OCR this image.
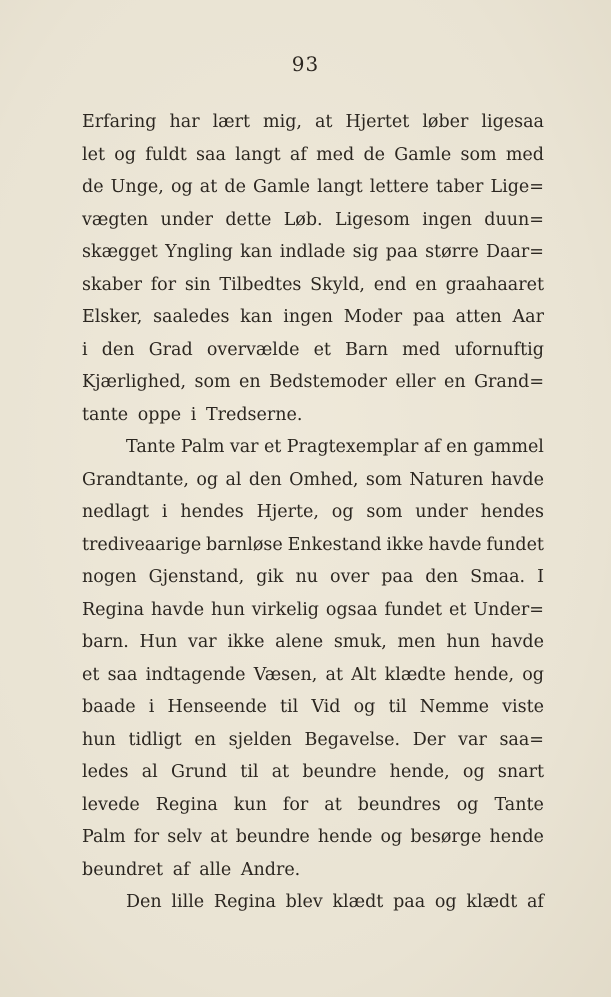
93
Erfaring har lært mig, at Hjertet løber ligesaa
let og fuldt saa langt af med de Gamle som med
de Unge, og at de Gamle langt lettere taber Lige=
vægten under dette Løb. Ligesom ingen duun=
skægget Yngling kan indlade sig paa større Daar=
skaber for sin Tilbedtes Skyld, end en graahaaret
Elsker, saaledes kan ingen Moder paa atten Aar
i den Grad overvælde et Barn med ufornuftig
Kjærlighed, som en Bedstemoder eller en Grand=
tante oppe i Tredserne.
Tante Palm var et Pragtexemplar af en gammel
Grandtante, og al den Omhed, som Naturen havde
nedlagt i hendes Hjerte, og som under hendes
tredivеaarige barnløse Enkestand ikke havde fundet
nogen Gjenstand, gik nu over paa den Smaa. I
Regina havde hun virkelig ogsaa fundet et Under=
barn. Hun var ikke alene smuk, men hun havde
et saa indtagende Væsen, at Alt klædte hende, og
baade i Henseende til Vid og til Nemme viste
hun tidligt en sjelden Begavelse. Der var saa=
ledes al Grund til at beundre hende, og snart
levede Regina kun for at beundres og Tante
Palm for selv at beundre hende og besørge hende
beundret af alle Andre.
Den lille Regina blev klædt paa og klædt af
